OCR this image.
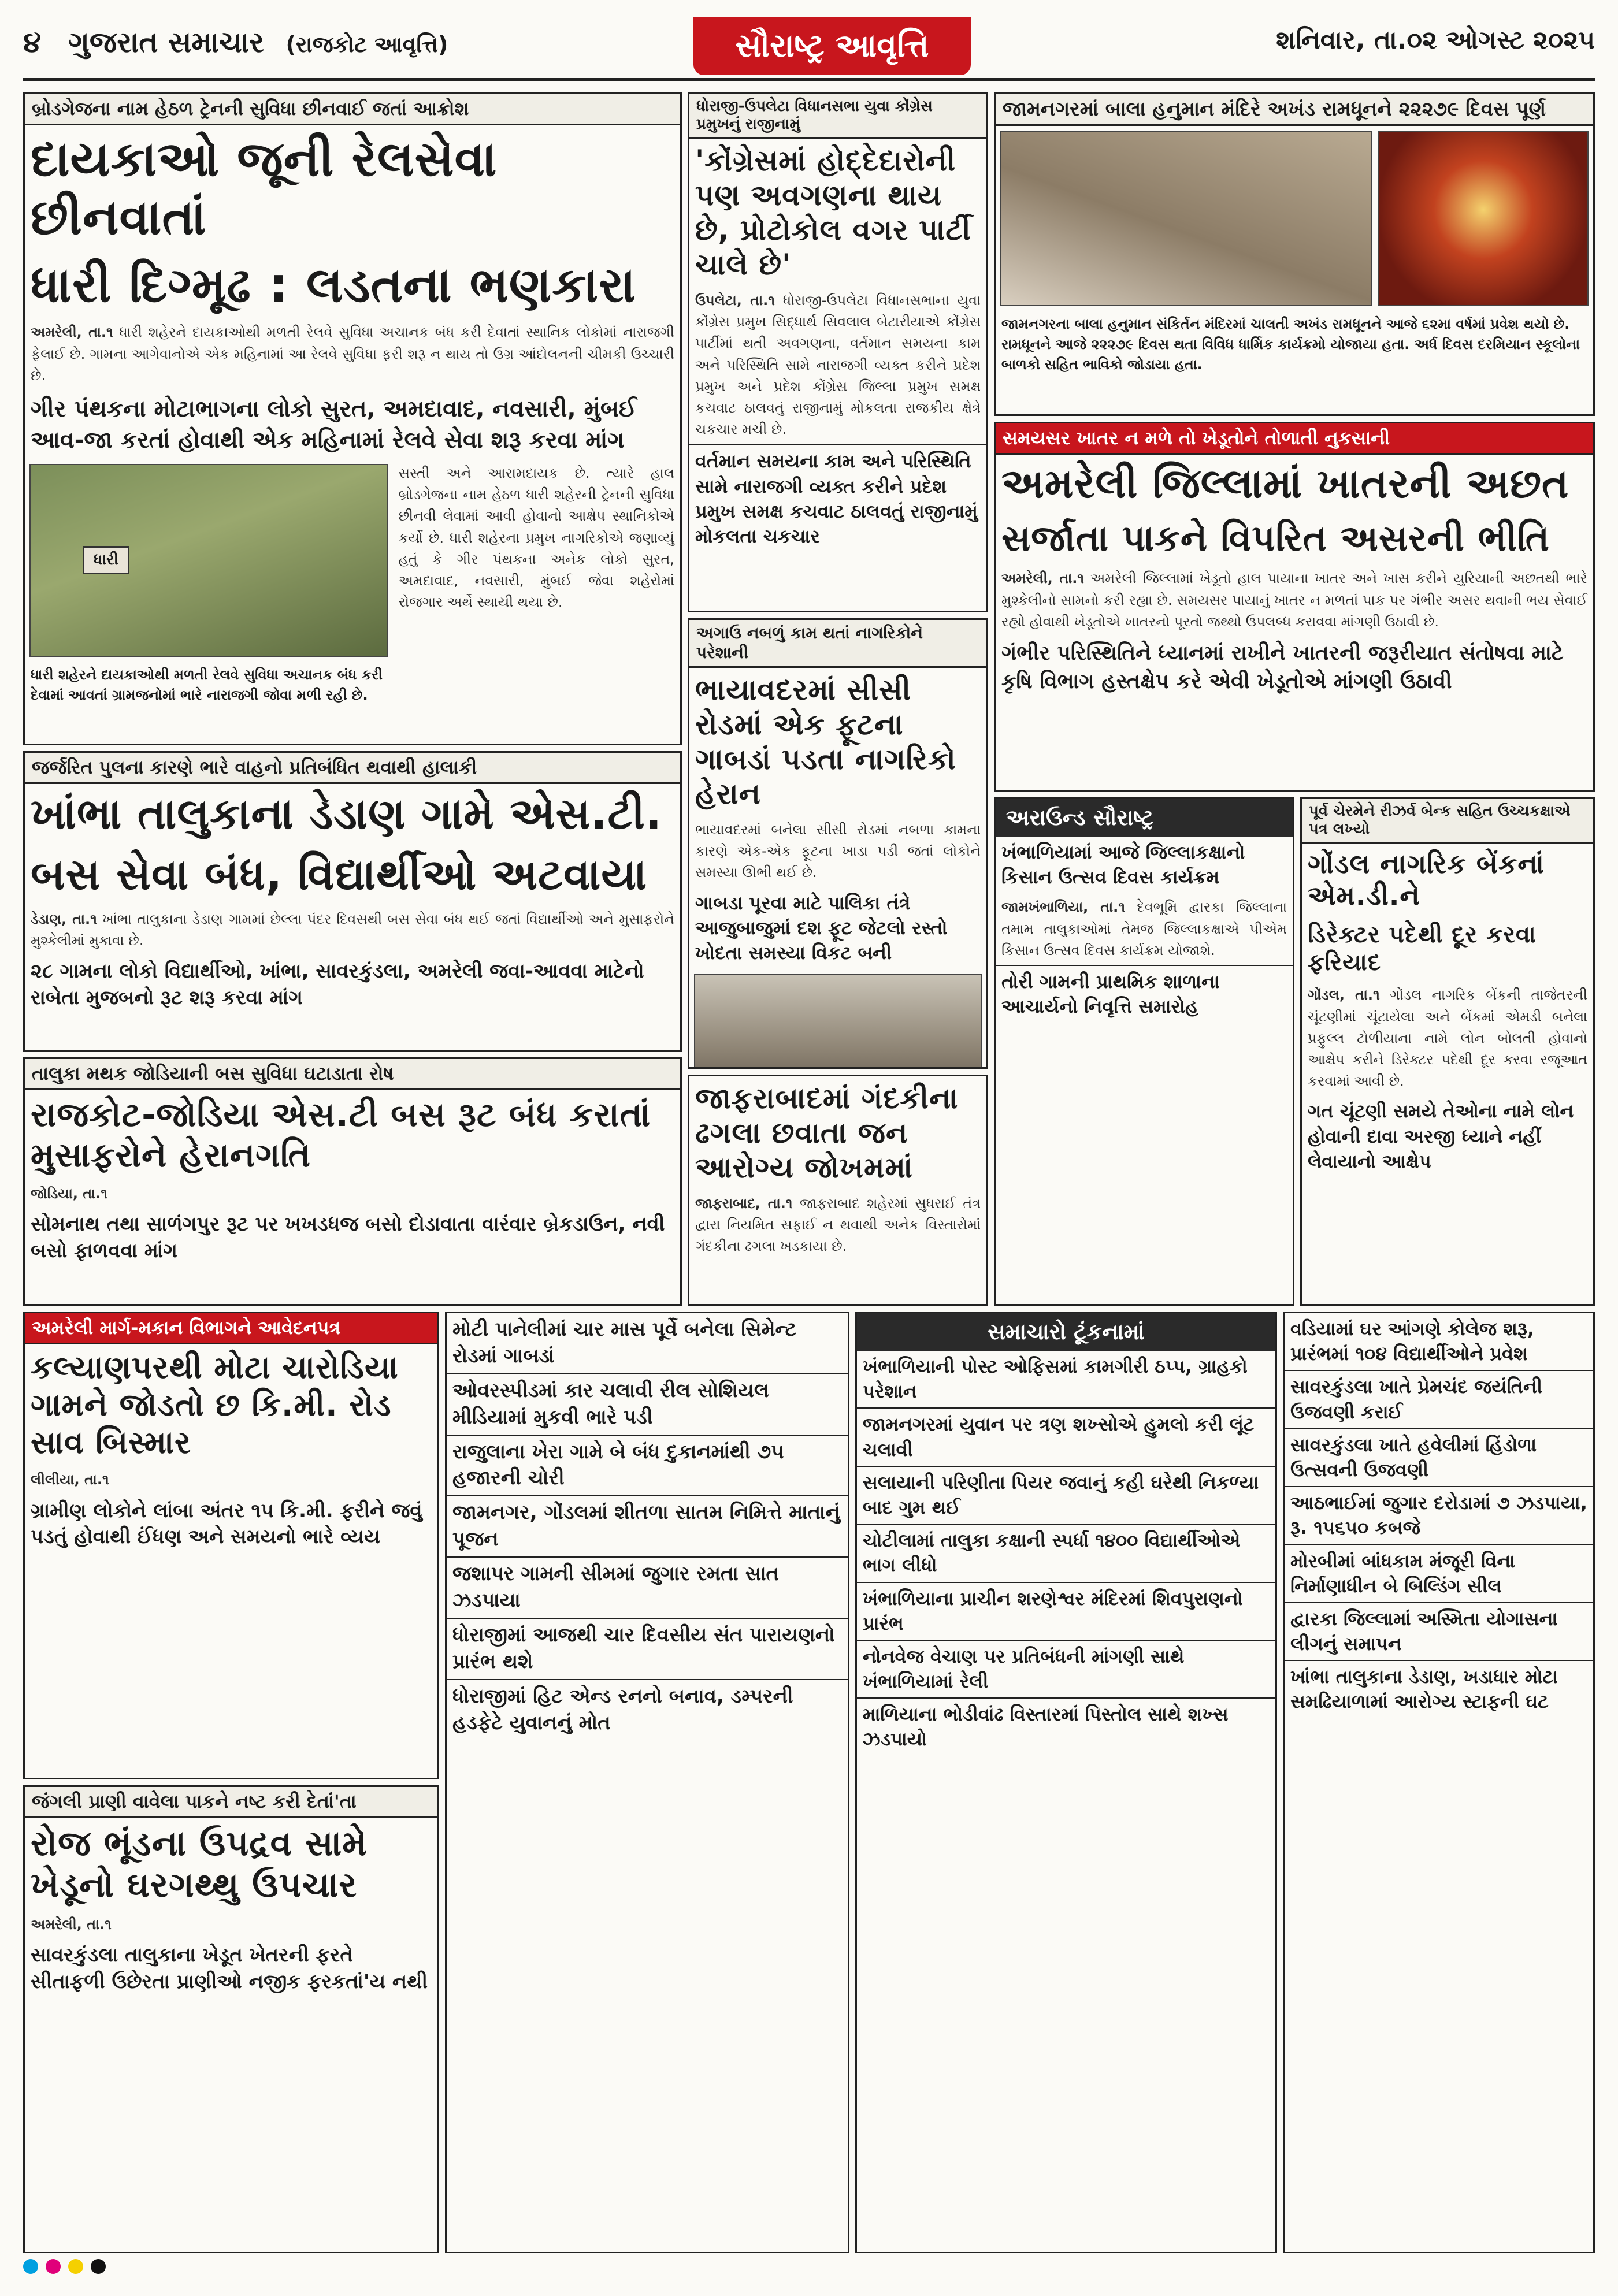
૪ ગુજરાત સમાચાર (રાજકોટ આવૃત્તિ)	સૌરાષ્ટ્ર આવૃત્તિ	શનિવાર, તા.૦૨ ઓગસ્ટ ૨૦૨૫
બ્રોડગેજના નામ હેઠળ ટ્રેનની સુવિધા છીનવાઈ જતાં આક્રોશ
દાયકાઓ જૂની રેલસેવા છીનવાતાં
ધારી દિગ્મૂઢ : લડતના ભણકારા
અમરેલી, તા.૧ ધારી શહેરને દાયકાઓથી મળતી રેલવે સુવિધા અચાનક બંધ કરી દેવાતાં સ્થાનિક લોકોમાં નારાજગી ફેલાઈ છે. ગામના આગેવાનોએ એક મહિનામાં આ રેલવે સુવિધા ફરી શરૂ ન થાય તો ઉગ્ર આંદોલનની ચીમકી ઉચ્ચારી છે.
ગીર પંથકના મોટાભાગના લોકો સુરત, અમદાવાદ, નવસારી, મુંબઈ આવ-જા કરતાં હોવાથી એક મહિનામાં રેલવે સેવા શરૂ કરવા માંગ
ધારી
ધારી શહેરને દાયકાઓથી મળતી રેલવે સુવિધા અચાનક બંધ કરી દેવામાં આવતાં ગ્રામજનોમાં ભારે નારાજગી જોવા મળી રહી છે.
સસ્તી અને આરામદાયક છે. ત્યારે હાલ બ્રોડગેજના નામ હેઠળ ધારી શહેરની ટ્રેનની સુવિધા છીનવી લેવામાં આવી હોવાનો આક્ષેપ સ્થાનિકોએ કર્યો છે. ધારી શહેરના પ્રમુખ નાગરિકોએ જણાવ્યું હતું કે ગીર પંથકના અનેક લોકો સુરત, અમદાવાદ, નવસારી, મુંબઈ જેવા શહેરોમાં રોજગાર અર્થે સ્થાયી થયા છે.
ધોરાજી-ઉપલેટા વિધાનસભા યુવા કોંગ્રેસ પ્રમુખનું રાજીનામું
'કોંગ્રેસમાં હોદ્દેદારોની પણ અવગણના થાય છે, પ્રોટોકોલ વગર પાર્ટી ચાલે છે'
ઉપલેટા, તા.૧ ધોરાજી-ઉપલેટા વિધાનસભાના યુવા કોંગ્રેસ પ્રમુખ સિદ્ધાર્થ સિવલાલ બેટારીયાએ કોંગ્રેસ પાર્ટીમાં થતી અવગણના, વર્તમાન સમયના કામ અને પરિસ્થિતિ સામે નારાજગી વ્યક્ત કરીને પ્રદેશ પ્રમુખ અને પ્રદેશ કોંગ્રેસ જિલ્લા પ્રમુખ સમક્ષ કચવાટ ઠાલવતું રાજીનામું મોકલતા રાજકીય ક્ષેત્રે ચકચાર મચી છે.
વર્તમાન સમયના કામ અને પરિસ્થિતિ સામે નારાજગી વ્યક્ત કરીને પ્રદેશ પ્રમુખ સમક્ષ કચવાટ ઠાલવતું રાજીનામું મોકલતા ચકચાર
જામનગરમાં બાલા હનુમાન મંદિરે અખંડ રામધૂનને ૨૨૨૭૯ દિવસ પૂર્ણ
જામનગરના બાલા હનુમાન સંકિર્તન મંદિરમાં ચાલતી અખંડ રામધૂનને આજે ૬૨મા વર્ષમાં પ્રવેશ થયો છે. રામધૂનને આજે ૨૨૨૭૯ દિવસ થતા વિવિધ ધાર્મિક કાર્યક્રમો યોજાયા હતા. અર્ધ દિવસ દરમિયાન સ્કૂલોના બાળકો સહિત ભાવિકો જોડાયા હતા.
સમયસર ખાતર ન મળે તો ખેડૂતોને તોળાતી નુકસાની
અમરેલી જિલ્લામાં ખાતરની અછત
સર્જાતા પાકને વિપરિત અસરની ભીતિ
અમરેલી, તા.૧ અમરેલી જિલ્લામાં ખેડૂતો હાલ પાયાના ખાતર અને ખાસ કરીને યુરિયાની અછતથી ભારે મુશ્કેલીનો સામનો કરી રહ્યા છે. સમયસર પાયાનું ખાતર ન મળતાં પાક પર ગંભીર અસર થવાની ભય સેવાઈ રહ્યો હોવાથી ખેડૂતોએ ખાતરનો પૂરતો જથ્થો ઉપલબ્ધ કરાવવા માંગણી ઉઠાવી છે.
ગંભીર પરિસ્થિતિને ધ્યાનમાં રાખીને ખાતરની જરૂરીયાત સંતોષવા માટે કૃષિ વિભાગ હસ્તક્ષેપ કરે એવી ખેડૂતોએ માંગણી ઉઠાવી
અગાઉ નબળું કામ થતાં નાગરિકોને પરેશાની
ભાયાવદરમાં સીસી રોડમાં એક ફૂટના ગાબડાં પડતા નાગરિકો હેરાન
ભાયાવદરમાં બનેલા સીસી રોડમાં નબળા કામના કારણે એક-એક ફૂટના ખાડા પડી જતાં લોકોને સમસ્યા ઊભી થઈ છે.
ગાબડા પૂરવા માટે પાલિકા તંત્રે આજુબાજુમાં દશ ફૂટ જેટલો રસ્તો ખોદતા સમસ્યા વિકટ બની
જર્જરિત પુલના કારણે ભારે વાહનો પ્રતિબંધિત થવાથી હાલાકી
ખાંભા તાલુકાના ડેડાણ ગામે એસ.ટી.
બસ સેવા બંધ, વિદ્યાર્થીઓ અટવાયા
ડેડાણ, તા.૧ ખાંભા તાલુકાના ડેડાણ ગામમાં છેલ્લા પંદર દિવસથી બસ સેવા બંધ થઈ જતાં વિદ્યાર્થીઓ અને મુસાફરોને મુશ્કેલીમાં મુકાવા છે.
૨૮ ગામના લોકો વિદ્યાર્થીઓ, ખાંભા, સાવરકુંડલા, અમરેલી જવા-આવવા માટેનો રાબેતા મુજબનો રૂટ શરૂ કરવા માંગ
અરાઉન્ડ સૌરાષ્ટ્ર
ખંભાળિયામાં આજે જિલ્લાકક્ષાનો કિસાન ઉત્સવ દિવસ કાર્યક્રમ
જામખંભાળિયા, તા.૧ દેવભૂમિ દ્વારકા જિલ્લાના તમામ તાલુકાઓમાં તેમજ જિલ્લાકક્ષાએ પીએમ કિસાન ઉત્સવ દિવસ કાર્યક્રમ યોજાશે.
તોરી ગામની પ્રાથમિક શાળાના આચાર્યનો નિવૃત્તિ સમારોહ
પૂર્વ ચેરમેને રીઝર્વ બેન્ક સહિત ઉચ્ચકક્ષાએ પત્ર લખ્યો
ગોંડલ નાગરિક બેંકનાં એમ.ડી.ને
ડિરેક્ટર પદેથી દૂર કરવા ફરિયાદ
ગોંડલ, તા.૧ ગોંડલ નાગરિક બેંકની તાજેતરની ચૂંટણીમાં ચૂંટાયેલા અને બેંકમાં એમડી બનેલા પ્રફુલ્લ ટોળીયાના નામે લોન બોલતી હોવાનો આક્ષેપ કરીને ડિરેક્ટર પદેથી દૂર કરવા રજૂઆત કરવામાં આવી છે.
ગત ચૂંટણી સમયે તેઓના નામે લોન હોવાની દાવા અરજી ધ્યાને નહીં લેવાયાનો આક્ષેપ
તાલુકા મથક જોડિયાની બસ સુવિધા ઘટાડાતા રોષ
રાજકોટ-જોડિયા એસ.ટી બસ રૂટ બંધ કરાતાં મુસાફરોને હેરાનગતિ
જોડિયા, તા.૧
સોમનાથ તથા સાળંગપુર રૂટ પર ખખડધજ બસો દોડાવાતા વારંવાર બ્રેકડાઉન, નવી બસો ફાળવવા માંગ
જાફરાબાદમાં ગંદકીના ઢગલા છવાતા જન આરોગ્ય જોખમમાં
જાફરાબાદ, તા.૧ જાફરાબાદ શહેરમાં સુધરાઈ તંત્ર દ્વારા નિયમિત સફાઈ ન થવાથી અનેક વિસ્તારોમાં ગંદકીના ઢગલા ખડકાયા છે.
અમરેલી માર્ગ-મકાન વિભાગને આવેદનપત્ર
કલ્યાણપરથી મોટા ચારોડિયા ગામને જોડતો છ કિ.મી. રોડ સાવ બિસ્માર
લીલીયા, તા.૧
ગ્રામીણ લોકોને લાંબા અંતર ૧૫ કિ.મી. ફરીને જવું પડતું હોવાથી ઈંધણ અને સમયનો ભારે વ્યય
જંગલી પ્રાણી વાવેલા પાકને નષ્ટ કરી દેતાં'તા
રોજ ભૂંડના ઉપદ્રવ સામે ખેડૂનો ઘરગથ્થુ ઉપચાર
અમરેલી, તા.૧
સાવરકુંડલા તાલુકાના ખેડૂત ખેતરની ફરતે સીતાફળી ઉછેરતા પ્રાણીઓ નજીક ફરકતાં'ય નથી
મોટી પાનેલીમાં ચાર માસ પૂર્વે બનેલા સિમેન્ટ રોડમાં ગાબડાં
ઓવરસ્પીડમાં કાર ચલાવી રીલ સોશિયલ મીડિયામાં મુકવી ભારે પડી
રાજુલાના ખેરા ગામે બે બંધ દુકાનમાંથી ૭૫ હજારની ચોરી
જામનગર, ગોંડલમાં શીતળા સાતમ નિમિત્તે માતાનું પૂજન
જશાપર ગામની સીમમાં જુગાર રમતા સાત ઝડપાયા
ધોરાજીમાં આજથી ચાર દિવસીય સંત પારાયણનો પ્રારંભ થશે
ધોરાજીમાં હિટ એન્ડ રનનો બનાવ, ડમ્પરની હડફેટે યુવાનનું મોત
સમાચારો ટૂંકનામાં
ખંભાળિયાની પોસ્ટ ઓફિસમાં કામગીરી ઠપ્પ, ગ્રાહકો પરેશાન
જામનગરમાં યુવાન પર ત્રણ શખ્સોએ હુમલો કરી લૂંટ ચલાવી
સલાયાની પરિણીતા પિયર જવાનું કહી ઘરેથી નિકળ્યા બાદ ગુમ થઈ
ચોટીલામાં તાલુકા કક્ષાની સ્પર્ધા ૧૪૦૦ વિદ્યાર્થીઓએ ભાગ લીધો
ખંભાળિયાના પ્રાચીન શરણેશ્વર મંદિરમાં શિવપુરાણનો પ્રારંભ
નોનવેજ વેચાણ પર પ્રતિબંધની માંગણી સાથે ખંભાળિયામાં રેલી
માળિયાના ભોડીવાંઢ વિસ્તારમાં પિસ્તોલ સાથે શખ્સ ઝડપાયો
વડિયામાં ઘર આંગણે કોલેજ શરૂ, પ્રારંભમાં ૧૦૪ વિદ્યાર્થીઓને પ્રવેશ
સાવરકુંડલા ખાતે પ્રેમચંદ જયંતિની ઉજવણી કરાઈ
સાવરકુંડલા ખાતે હવેલીમાં હિંડોળા ઉત્સવની ઉજવણી
આઠભાઈમાં જુગાર દરોડામાં ૭ ઝડપાયા, રૂ. ૧૫૬૫૦ કબજે
મોરબીમાં બાંધકામ મંજૂરી વિના નિર્માણાધીન બે બિલ્ડિંગ સીલ
દ્વારકા જિલ્લામાં અસ્મિતા યોગાસના લીગનું સમાપન
ખાંભા તાલુકાના ડેડાણ, ખડાધાર મોટા સમઢિયાળામાં આરોગ્ય સ્ટાફની ઘટ
